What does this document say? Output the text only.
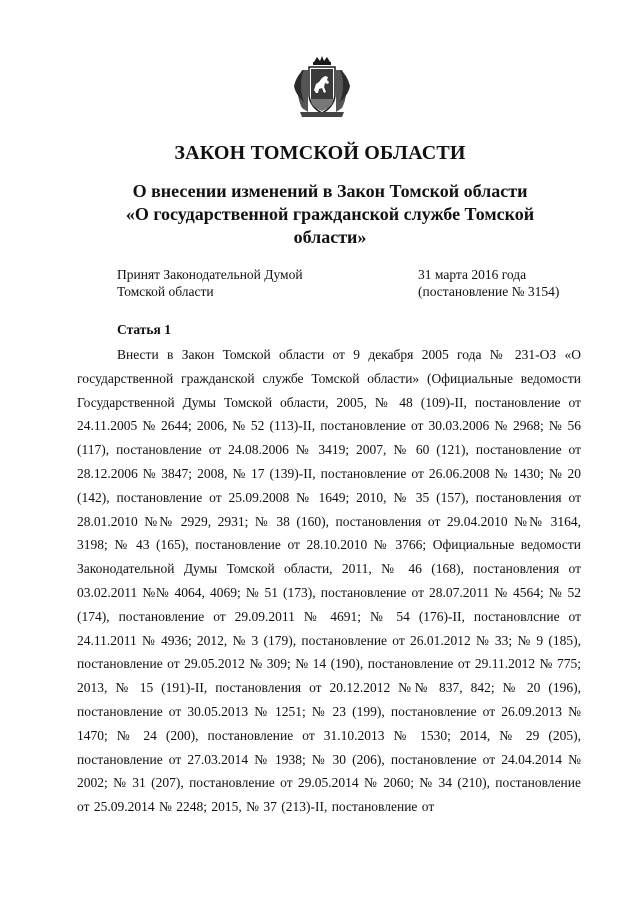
ЗАКОН ТОМСКОЙ ОБЛАСТИ
О внесении изменений в Закон Томской области
«О государственной гражданской службе Томской
области»
Принят Законодательной Думой
Томской области
31 марта 2016 года
(постановление № 3154)
Статья 1

Внести в Закон Томской области от 9 декабря 2005 года № 231-ОЗ «О государственной гражданской службе Томской области» (Официальные ведомости Государственной Думы Томской области, 2005, № 48 (109)-II, постановление от 24.11.2005 № 2644; 2006, № 52 (113)-II, постановление от 30.03.2006 № 2968; № 56 (117), постановление от 24.08.2006 № 3419; 2007, № 60 (121), постановление от 28.12.2006 № 3847; 2008, № 17 (139)-II, постановление от 26.06.2008 № 1430; № 20 (142), постановление от 25.09.2008 № 1649; 2010, № 35 (157), постановления от 28.01.2010 №№ 2929, 2931; № 38 (160), постановления от 29.04.2010 №№ 3164, 3198; № 43 (165), постановление от 28.10.2010 № 3766; Официальные ведомости Законодательной Думы Томской области, 2011, № 46 (168), постановления от 03.02.2011 №№ 4064, 4069; № 51 (173), постановление от 28.07.2011 № 4564; № 52 (174), постановление от 29.09.2011 № 4691; № 54 (176)-II, постановлсние от 24.11.2011 № 4936; 2012, № 3 (179), постановление от 26.01.2012 № 33; № 9 (185), постановление от 29.05.2012 № 309; № 14 (190), постановление от 29.11.2012 № 775; 2013, № 15 (191)-II, постановления от 20.12.2012 №№ 837, 842; № 20 (196), постановление от 30.05.2013 № 1251; № 23 (199), постановление от 26.09.2013 № 1470; № 24 (200), постановление от 31.10.2013 № 1530; 2014, № 29 (205), постановление от 27.03.2014 № 1938; № 30 (206), постановление от 24.04.2014 № 2002; № 31 (207), постановление от 29.05.2014 № 2060; № 34 (210), постановление от 25.09.2014 № 2248; 2015, № 37 (213)-II, постановление от
